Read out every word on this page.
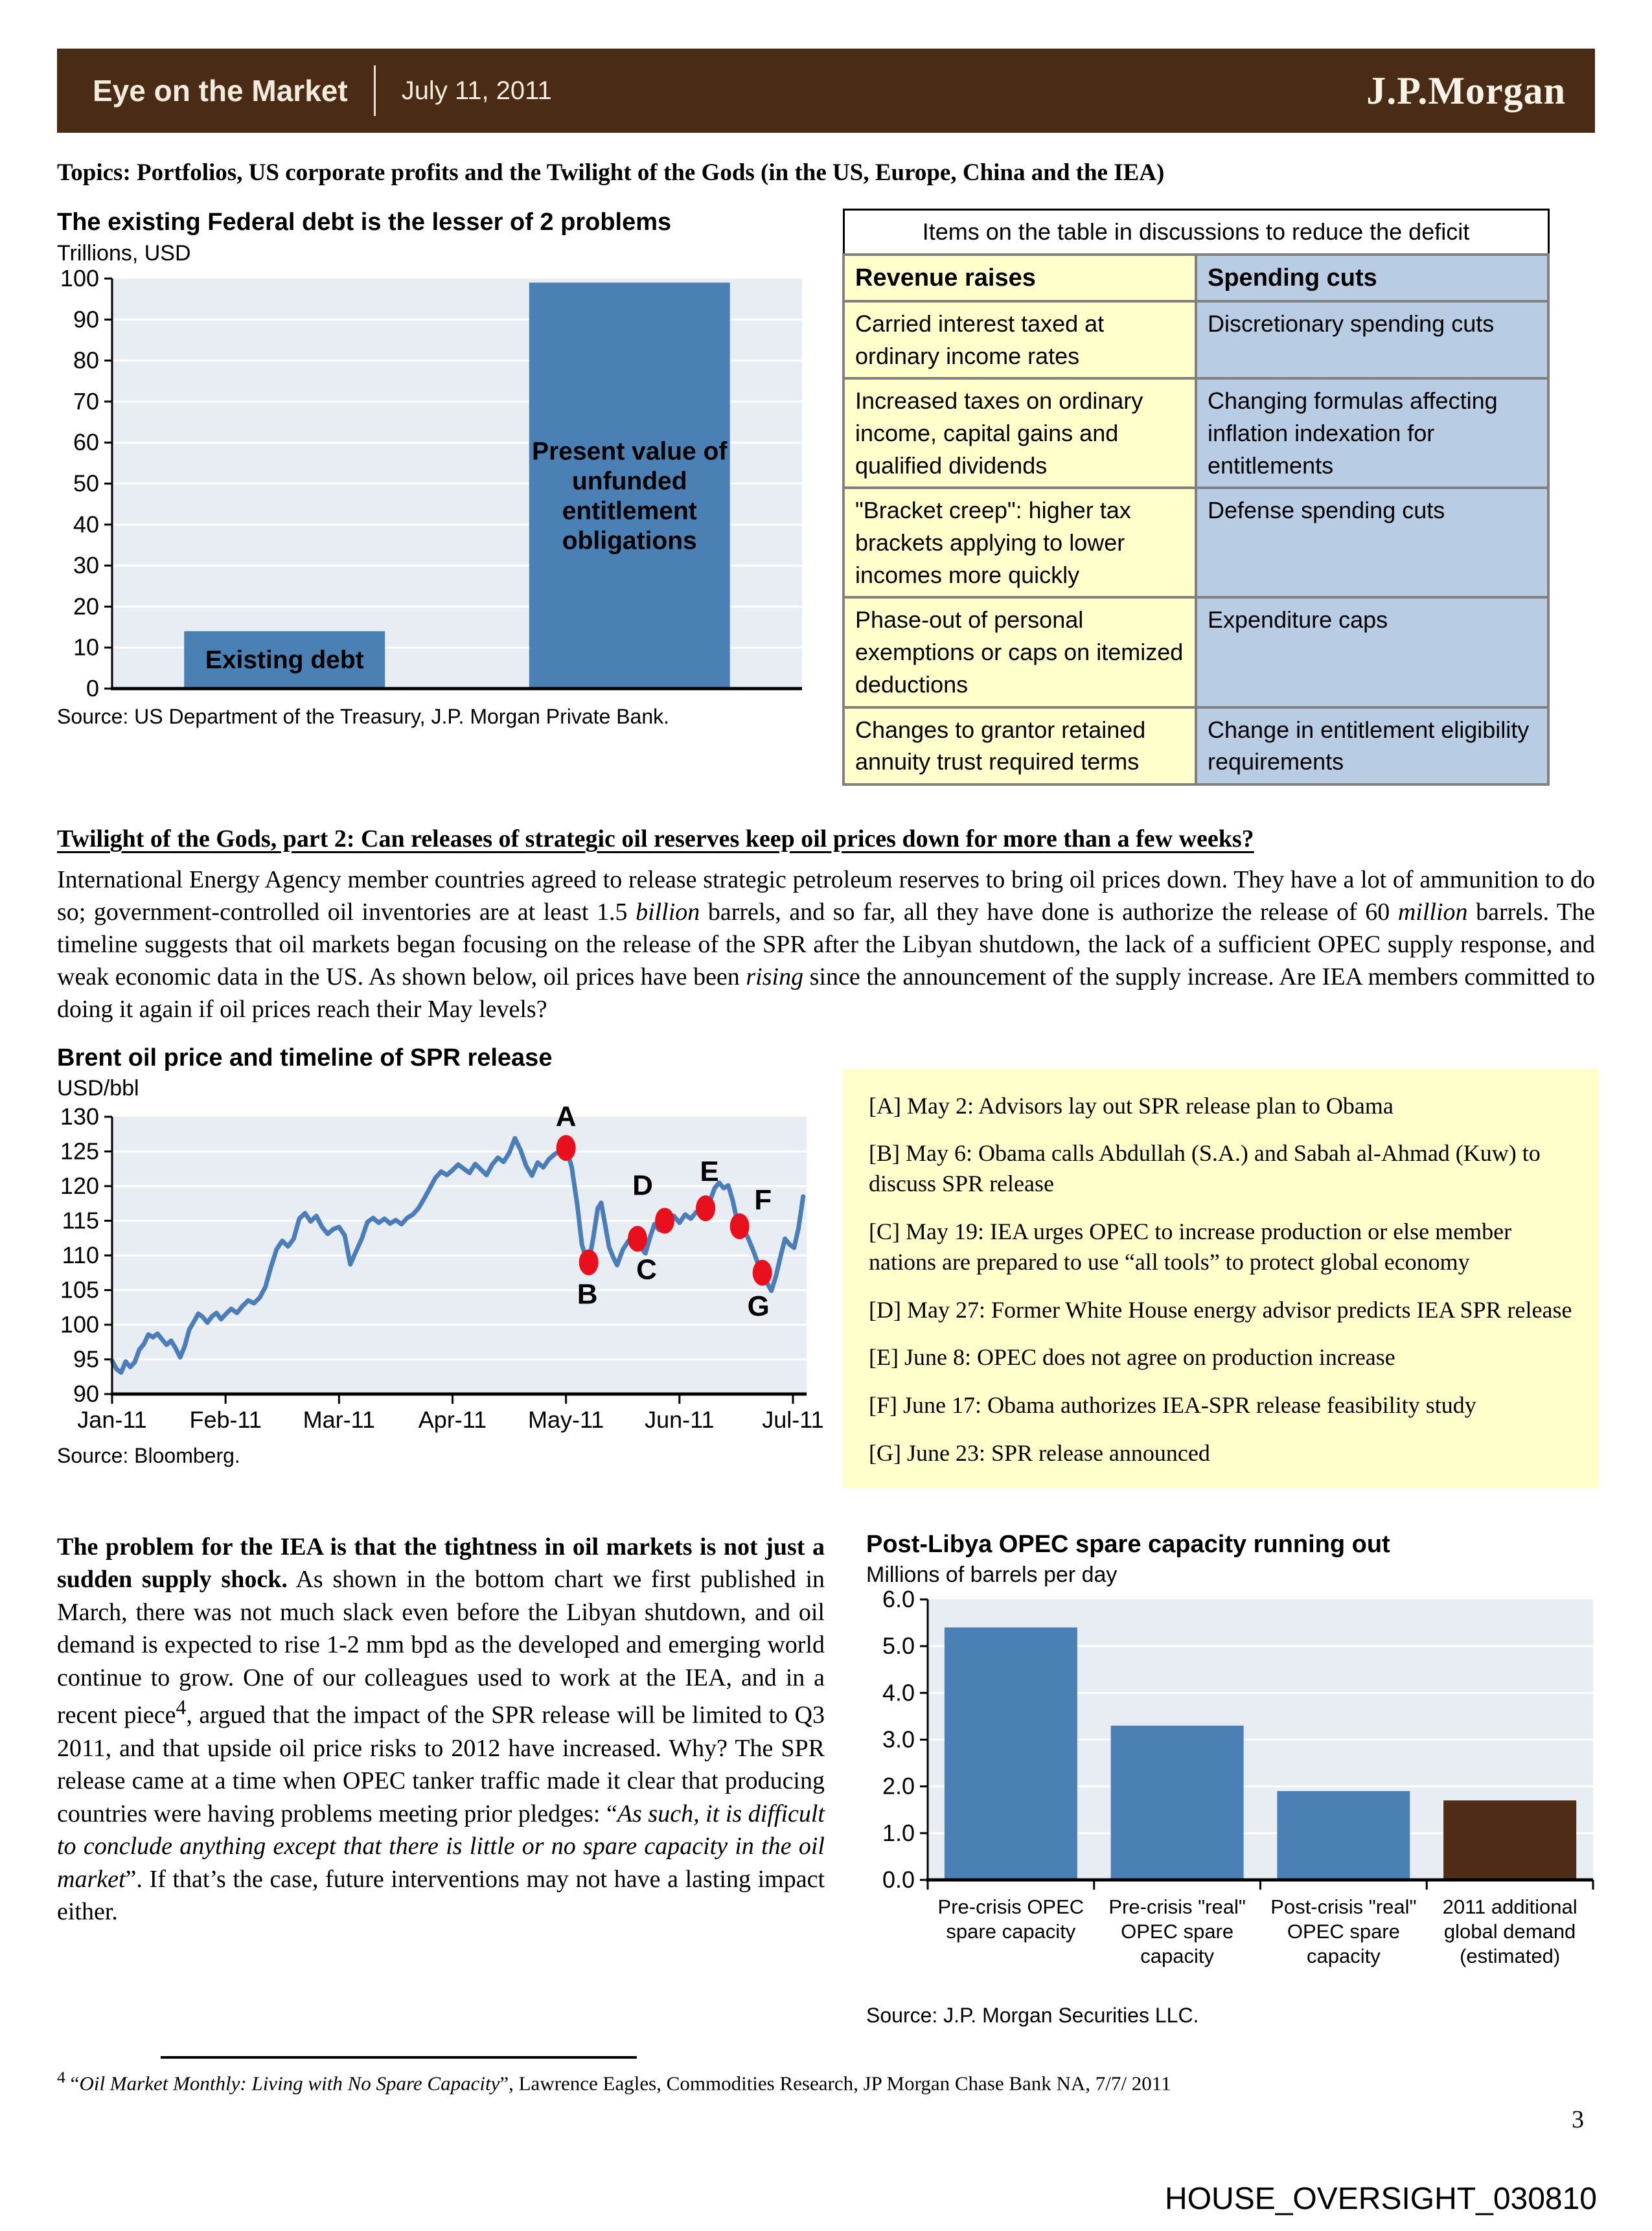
Eye on the Market July 11, 2011	J.P.Morgan
Topics: Portfolios, US corporate profits and the Twilight of the Gods (in the US, Europe, China and the IEA)
The existing Federal debt is the lesser of 2 problems
Trillions, USD
Existing debt
Present value of
unfunded
entitlement
obligations
0
10
20
30
40
50
60
70
80
90
100
Source: US Department of the Treasury, J.P. Morgan Private Bank.
Items on the table in discussions to reduce the deficit	
Revenue raises	Spending cuts
Carried interest taxed at ordinary income rates	Discretionary spending cuts
Increased taxes on ordinary income, capital gains and qualified dividends	Changing formulas affecting inflation indexation for entitlements
"Bracket creep": higher tax brackets applying to lower incomes more quickly	Defense spending cuts
Phase-out of personal exemptions or caps on itemized deductions	Expenditure caps
Changes to grantor retained annuity trust required terms	Change in entitlement eligibility requirements
Twilight of the Gods, part 2: Can releases of strategic oil reserves keep oil prices down for more than a few weeks?
International Energy Agency member countries agreed to release strategic petroleum reserves to bring oil prices down. They have a lot of ammunition to do so; government-controlled oil inventories are at least 1.5 billion barrels, and so far, all they have done is authorize the release of 60 million barrels. The timeline suggests that oil markets began focusing on the release of the SPR after the Libyan shutdown, the lack of a sufficient OPEC supply response, and weak economic data in the US. As shown below, oil prices have been rising since the announcement of the supply increase. Are IEA members committed to doing it again if oil prices reach their May levels?
Brent oil price and timeline of SPR release
USD/bbl
90
95
100
105
110
115
120
125
130
Jan-11 Feb-11 Mar-11 Apr-11 May-11 Jun-11 Jul-11
A
B
C
D E
F
G
Source: Bloomberg.
[A] May 2: Advisors lay out SPR release plan to Obama
[B] May 6: Obama calls Abdullah (S.A.) and Sabah al-Ahmad (Kuw) to discuss SPR release
[C] May 19: IEA urges OPEC to increase production or else member nations are prepared to use “all tools” to protect global economy
[D] May 27: Former White House energy advisor predicts IEA SPR release
[E] June 8: OPEC does not agree on production increase
[F] June 17: Obama authorizes IEA-SPR release feasibility study
[G] June 23: SPR release announced
The problem for the IEA is that the tightness in oil markets is not just a sudden supply shock. As shown in the bottom chart we first published in March, there was not much slack even before the Libyan shutdown, and oil demand is expected to rise 1-2 mm bpd as the developed and emerging world continue to grow. One of our colleagues used to work at the IEA, and in a recent piece$^4$, argued that the impact of the SPR release will be limited to Q3 2011, and that upside oil price risks to 2012 have increased. Why? The SPR release came at a time when OPEC tanker traffic made it clear that producing countries were having problems meeting prior pledges: “As such, it is difficult to conclude anything except that there is little or no spare capacity in the oil market”. If that’s the case, future interventions may not have a lasting impact either.
Post-Libya OPEC spare capacity running out
Millions of barrels per day
0.0
1.0
2.0
3.0
4.0
5.0
6.0
Pre-crisis OPEC
spare capacity
Pre-crisis "real"
OPEC spare
capacity
Post-crisis "real"
OPEC spare
capacity
2011 additional
global demand
(estimated)
Source: J.P. Morgan Securities LLC.
$^4$ “Oil Market Monthly: Living with No Spare Capacity”, Lawrence Eagles, Commodities Research, JP Morgan Chase Bank NA, 7/7/ 2011
3
HOUSE_OVERSIGHT_030810
